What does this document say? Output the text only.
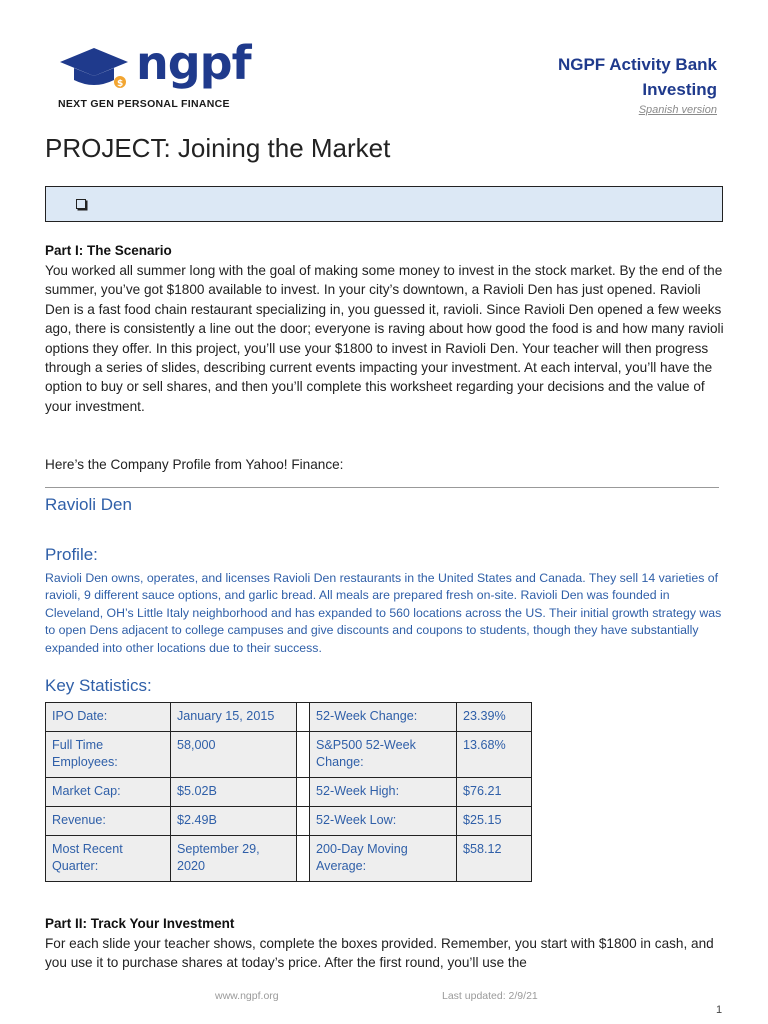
$ ngpf
NEXT GEN PERSONAL FINANCE
NGPF Activity Bank
Investing
Spanish version
PROJECT: Joining the Market
Part I: The Scenario
You worked all summer long with the goal of making some money to invest in the stock market. By the end of the summer, you’ve got $1800 available to invest. In your city’s downtown, a Ravioli Den has just opened. Ravioli Den is a fast food chain restaurant specializing in, you guessed it, ravioli. Since Ravioli Den opened a few weeks ago, there is consistently a line out the door; everyone is raving about how good the food is and how many ravioli options they offer. In this project, you’ll use your $1800 to invest in Ravioli Den. Your teacher will then progress through a series of slides, describing current events impacting your investment. At each interval, you’ll have the option to buy or sell shares, and then you’ll complete this worksheet regarding your decisions and the value of your investment.
Here’s the Company Profile from Yahoo! Finance:
Ravioli Den
Profile:
Ravioli Den owns, operates, and licenses Ravioli Den restaurants in the United States and Canada. They sell 14 varieties of ravioli, 9 different sauce options, and garlic bread. All meals are prepared fresh on-site. Ravioli Den was founded in Cleveland, OH’s Little Italy neighborhood and has expanded to 560 locations across the US. Their initial growth strategy was to open Dens adjacent to college campuses and give discounts and coupons to students, though they have substantially expanded into other locations due to their success.
Key Statistics:
IPO Date:	January 15, 2015		52-Week Change:	23.39%
Full Time Employees:	58,000		S&P500 52-Week Change:	13.68%
Market Cap:	$5.02B		52-Week High:	$76.21
Revenue:	$2.49B		52-Week Low:	$25.15
Most Recent Quarter:	September 29, 2020		200-Day Moving Average:	$58.12
Part II: Track Your Investment
For each slide your teacher shows, complete the boxes provided. Remember, you start with $1800 in cash, and you use it to purchase shares at today’s price. After the first round, you’ll use the
www.ngpf.org	Last updated: 2/9/21
1
